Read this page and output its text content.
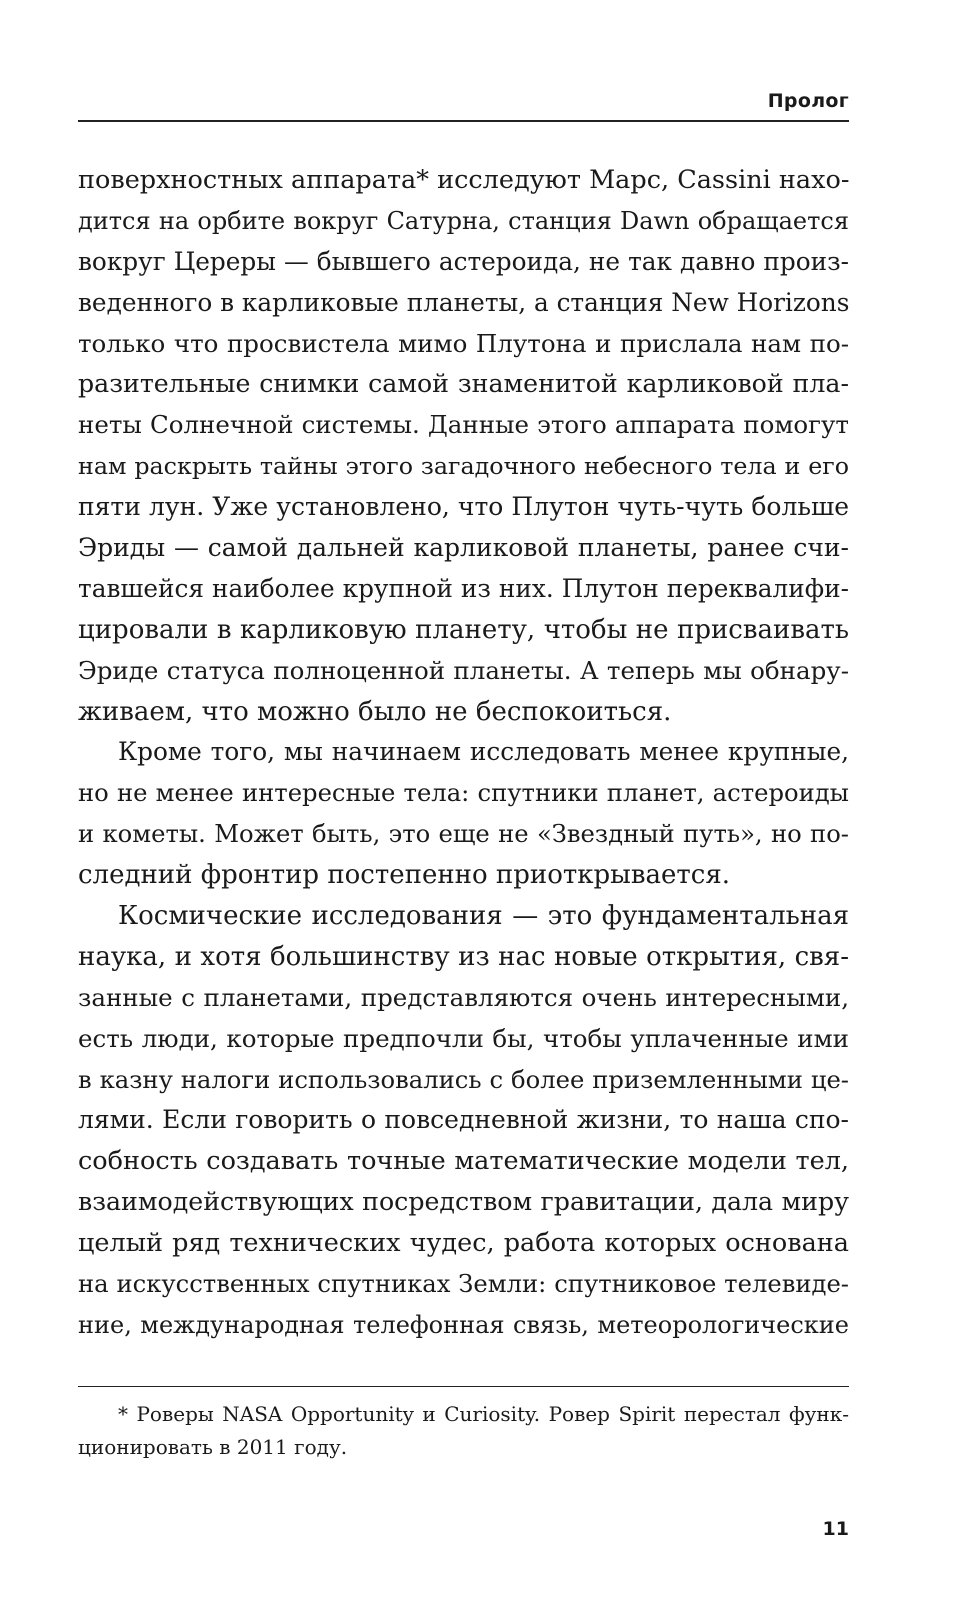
Пролог
поверхностных аппарата* исследуют Марс, Cassini нахо-
дится на орбите вокруг Сатурна, станция Dawn обращается
вокруг Цереры — бывшего астероида, не так давно произ-
веденного в карликовые планеты, а станция New Horizons
только что просвистела мимо Плутона и прислала нам по-
разительные снимки самой знаменитой карликовой пла-
неты Солнечной системы. Данные этого аппарата помогут
нам раскрыть тайны этого загадочного небесного тела и его
пяти лун. Уже установлено, что Плутон чуть-чуть больше
Эриды — самой дальней карликовой планеты, ранее счи-
тавшейся наиболее крупной из них. Плутон переквалифи-
цировали в карликовую планету, чтобы не присваивать
Эриде статуса полноценной планеты. А теперь мы обнару-
живаем, что можно было не беспокоиться.
Кроме того, мы начинаем исследовать менее крупные,
но не менее интересные тела: спутники планет, астероиды
и кометы. Может быть, это еще не «Звездный путь», но по-
следний фронтир постепенно приоткрывается.
Космические исследования — это фундаментальная
наука, и хотя большинству из нас новые открытия, свя-
занные с планетами, представляются очень интересными,
есть люди, которые предпочли бы, чтобы уплаченные ими
в казну налоги использовались с более приземленными це-
лями. Если говорить о повседневной жизни, то наша спо-
собность создавать точные математические модели тел,
взаимодействующих посредством гравитации, дала миру
целый ряд технических чудес, работа которых основана
на искусственных спутниках Земли: спутниковое телевиде-
ние, международная телефонная связь, метеорологические
* Роверы NASA Opportunity и Curiosity. Ровер Spirit перестал функ-
ционировать в 2011 году.
11
